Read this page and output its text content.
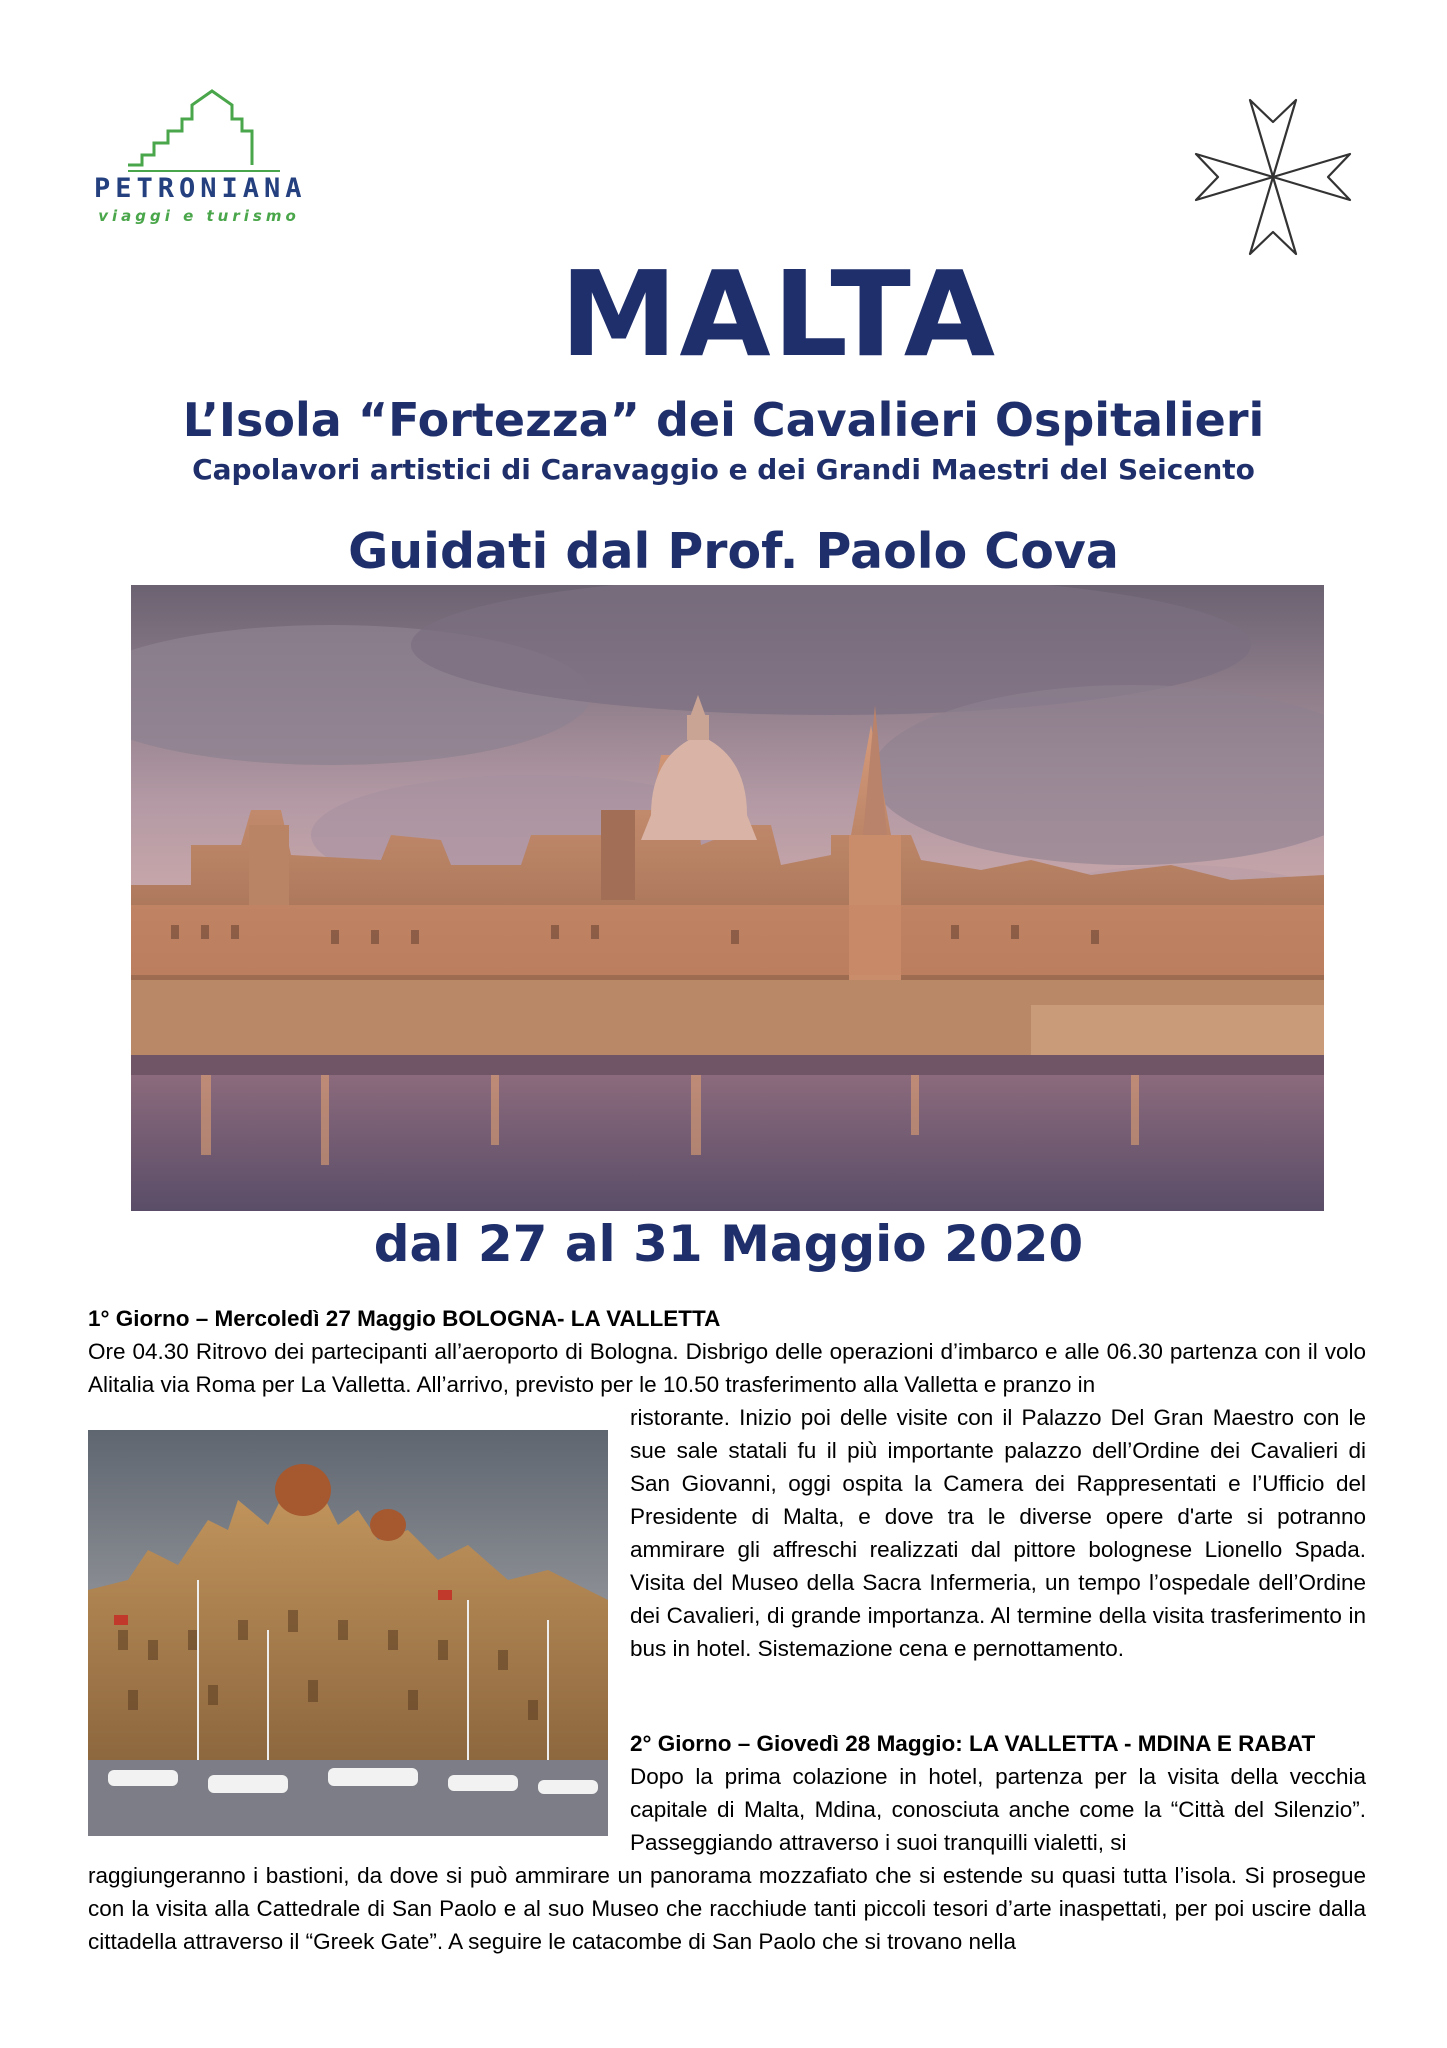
PETRONIANA
viaggi e turismo
MALTA
L’Isola “Fortezza” dei Cavalieri Ospitalieri
Capolavori artistici di Caravaggio e dei Grandi Maestri del Seicento
Guidati dal Prof. Paolo Cova
dal 27 al 31 Maggio 2020
1° Giorno – Mercoledì 27 Maggio BOLOGNA- LA VALLETTA
Ore 04.30 Ritrovo dei partecipanti all’aeroporto di Bologna. Disbrigo delle operazioni d’imbarco e alle 06.30 partenza con il volo Alitalia via Roma per La Valletta. All’arrivo, previsto per le 10.50 trasferimento alla Valletta e pranzo in
ristorante. Inizio poi delle visite con il Palazzo Del Gran Maestro con le sue sale statali fu il più importante palazzo dell’Ordine dei Cavalieri di San Giovanni, oggi ospita la Camera dei Rappresentati e l’Ufficio del Presidente di Malta, e dove tra le diverse opere d'arte si potranno ammirare gli affreschi realizzati dal pittore bolognese Lionello Spada. Visita del Museo della Sacra Infermeria, un tempo l’ospedale dell’Ordine dei Cavalieri, di grande importanza. Al termine della visita trasferimento in bus in hotel. Sistemazione cena e pernottamento.
2° Giorno – Giovedì 28 Maggio: LA VALLETTA - MDINA E RABAT
Dopo la prima colazione in hotel, partenza per la visita della vecchia capitale di Malta, Mdina, conosciuta anche come la “Città del Silenzio”. Passeggiando attraverso i suoi tranquilli vialetti, si
raggiungeranno i bastioni, da dove si può ammirare un panorama mozzafiato che si estende su quasi tutta l’isola. Si prosegue con la visita alla Cattedrale di San Paolo e al suo Museo che racchiude tanti piccoli tesori d’arte inaspettati, per poi uscire dalla cittadella attraverso il “Greek Gate”. A seguire le catacombe di San Paolo che si trovano nella
